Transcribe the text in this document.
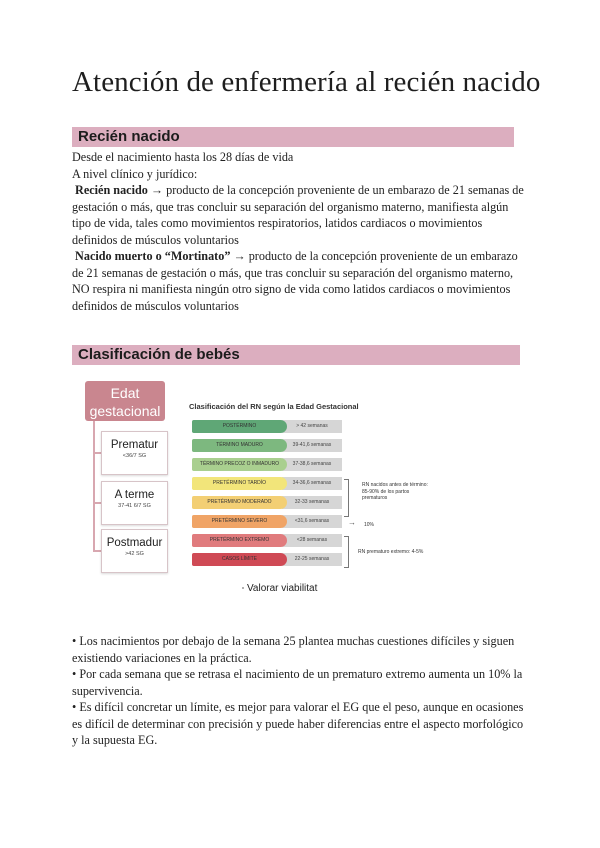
Atención de enfermería al recién nacido
Recién nacido

Desde el nacimiento hasta los 28 días de vida

A nivel clínico y jurídico:

Recién nacido → producto de la concepción proveniente de un embarazo de 21 semanas de gestación o más, que tras concluir su separación del organismo materno, manifiesta algún tipo de vida, tales como movimientos respiratorios, latidos cardiacos o movimientos definidos de músculos voluntarios

Nacido muerto o “Mortinato” → producto de la concepción proveniente de un embarazo de 21 semanas de gestación o más, que tras concluir su separación del organismo materno, NO respira ni manifiesta ningún otro signo de vida como latidos cardiacos o movimientos definidos de músculos voluntarios

Clasificación de bebés
Edat
gestacional
Prematur
<36/7 SG
A terme
37-41 6/7 SG
Postmadur
>42 SG
Clasificación del RN según la Edad Gestacional
> 42 semanas
POSTÉRMINO
39-41,6 semanas
TÉRMINO MADURO
37-38,6 semanas
TÉRMINO PRECOZ O INMADURO
34-36,6 semanas
PRETÉRMINO TARDÍO
32-33 semanas
PRETÉRMINO MODERADO
<31,6 semanas
PRETÉRMINO SEVERO
<28 semanas
PRETÉRMINO EXTREMO
22-25 semanas
CASOS LÍMITE
RN nacidos antes de término: 85-90% de los partos prematuros
→ 10%
RN prematuro extremo: 4-5%
Valorar viabilitat

• Los nacimientos por debajo de la semana 25 plantea muchas cuestiones difíciles y siguen existiendo variaciones en la práctica.

• Por cada semana que se retrasa el nacimiento de un prematuro extremo aumenta un 10% la supervivencia.

• Es difícil concretar un límite, es mejor para valorar el EG que el peso, aunque en ocasiones es difícil de determinar con precisión y puede haber diferencias entre el aspecto morfológico y la supuesta EG.
